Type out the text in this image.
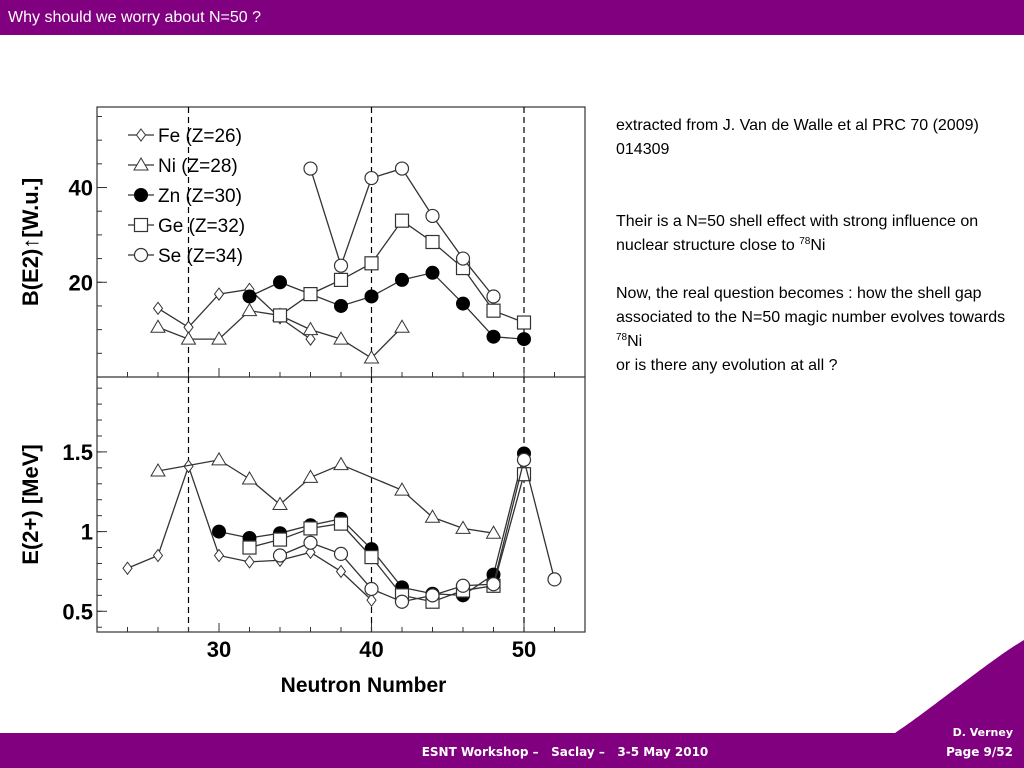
Why should we worry about N=50 ?
30	40	50
Neutron Number
20
40
B(E2)↑[W.u.]
0.5
1
1.5
E(2+) [MeV]
Fe (Z=26)
Ni (Z=28)
Zn (Z=30)
Ge (Z=32)
Se (Z=34)

extracted from J. Van de Walle et al PRC 70 (2009) 014309

Their is a N=50 shell effect with strong influence on nuclear structure close to $^{78}$Ni

Now, the real question becomes : how the shell gap associated to the N=50 magic number evolves towards $^{78}$Ni

or is there any evolution at all ?

ESNT Workshop –   Saclay –   3-5 May 2010
D. Verney
Page 9/52
